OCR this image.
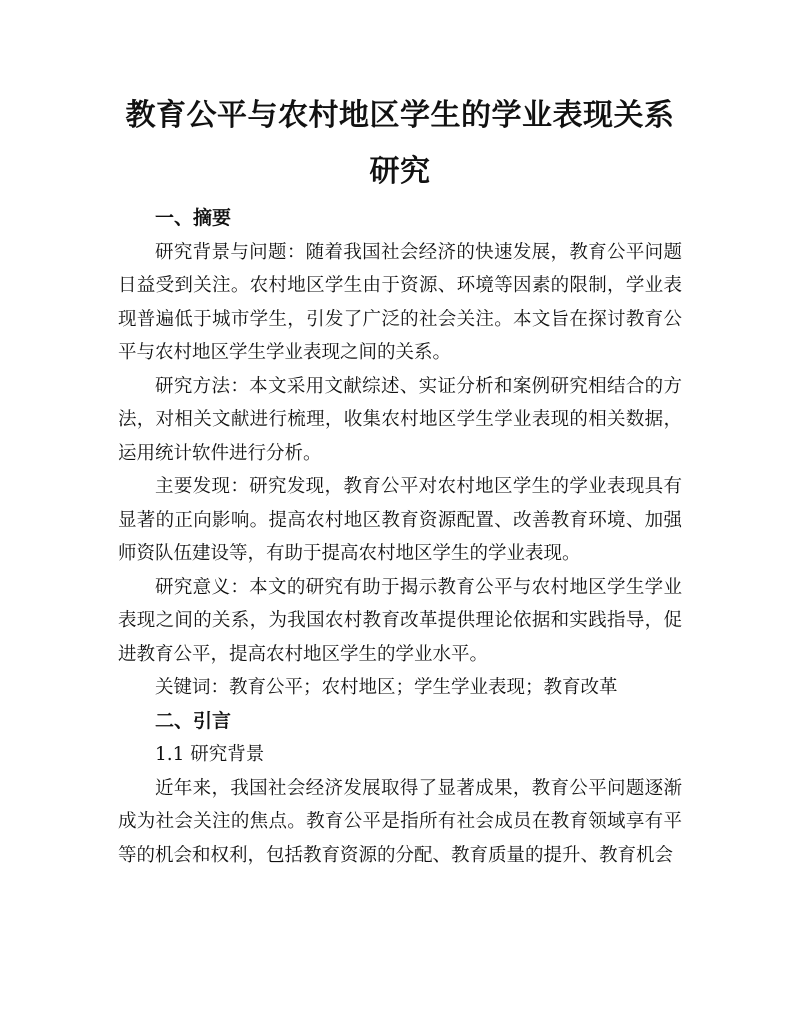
教育公平与农村地区学生的学业表现关系研究
一、摘要

研究背景与问题：随着我国社会经济的快速发展，教育公平问题日益受到关注。农村地区学生由于资源、环境等因素的限制，学业表现普遍低于城市学生，引发了广泛的社会关注。本文旨在探讨教育公平与农村地区学生学业表现之间的关系。

研究方法：本文采用文献综述、实证分析和案例研究相结合的方法，对相关文献进行梳理，收集农村地区学生学业表现的相关数据，运用统计软件进行分析。

主要发现：研究发现，教育公平对农村地区学生的学业表现具有显著的正向影响。提高农村地区教育资源配置、改善教育环境、加强师资队伍建设等，有助于提高农村地区学生的学业表现。

研究意义：本文的研究有助于揭示教育公平与农村地区学生学业表现之间的关系，为我国农村教育改革提供理论依据和实践指导，促进教育公平，提高农村地区学生的学业水平。

关键词：教育公平；农村地区；学生学业表现；教育改革

二、引言

1.1 研究背景

近年来，我国社会经济发展取得了显著成果，教育公平问题逐渐成为社会关注的焦点。教育公平是指所有社会成员在教育领域享有平等的机会和权利，包括教育资源的分配、教育质量的提升、教育机会
